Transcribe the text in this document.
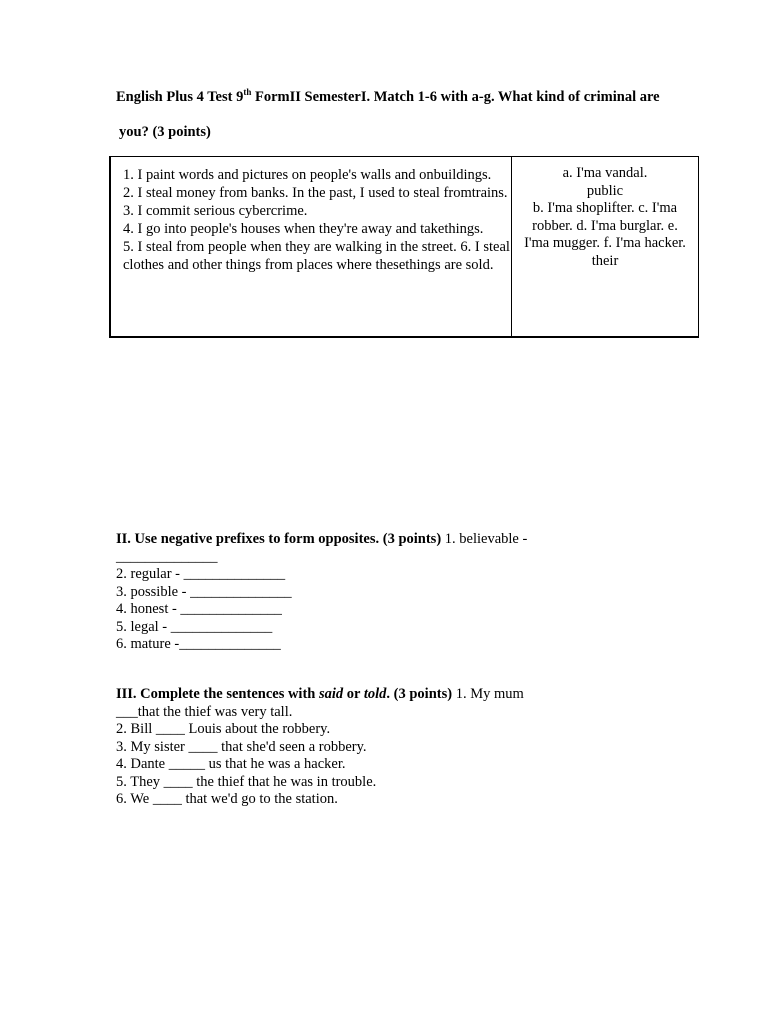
English Plus 4 Test 9th FormII SemesterI. Match 1-6 with a-g. What kind of criminal are
you? (3 points)
1. I paint words and pictures on people's walls and onbuildings.
2. I steal money from banks. In the past, I used to steal fromtrains.
3. I commit serious cybercrime.
4. I go into people's houses when they're away and takethings.
5. I steal from people when they are walking in the street. 6. I steal
clothes and other things from places where thesethings are sold.
a. I'ma vandal.
public
b. I'ma shoplifter. c. I'ma
robber. d. I'ma burglar. e.
I'ma mugger. f. I'ma hacker.
their
II. Use negative prefixes to form opposites. (3 points) 1. believable -
______________
2. regular - ______________
3. possible - ______________
4. honest - ______________
5. legal - ______________
6. mature -______________
III. Complete the sentences with said or told. (3 points) 1. My mum
___that the thief was very tall.
2. Bill ____ Louis about the robbery.
3. My sister ____ that she'd seen a robbery.
4. Dante _____ us that he was a hacker.
5. They ____ the thief that he was in trouble.
6. We ____ that we'd go to the station.
